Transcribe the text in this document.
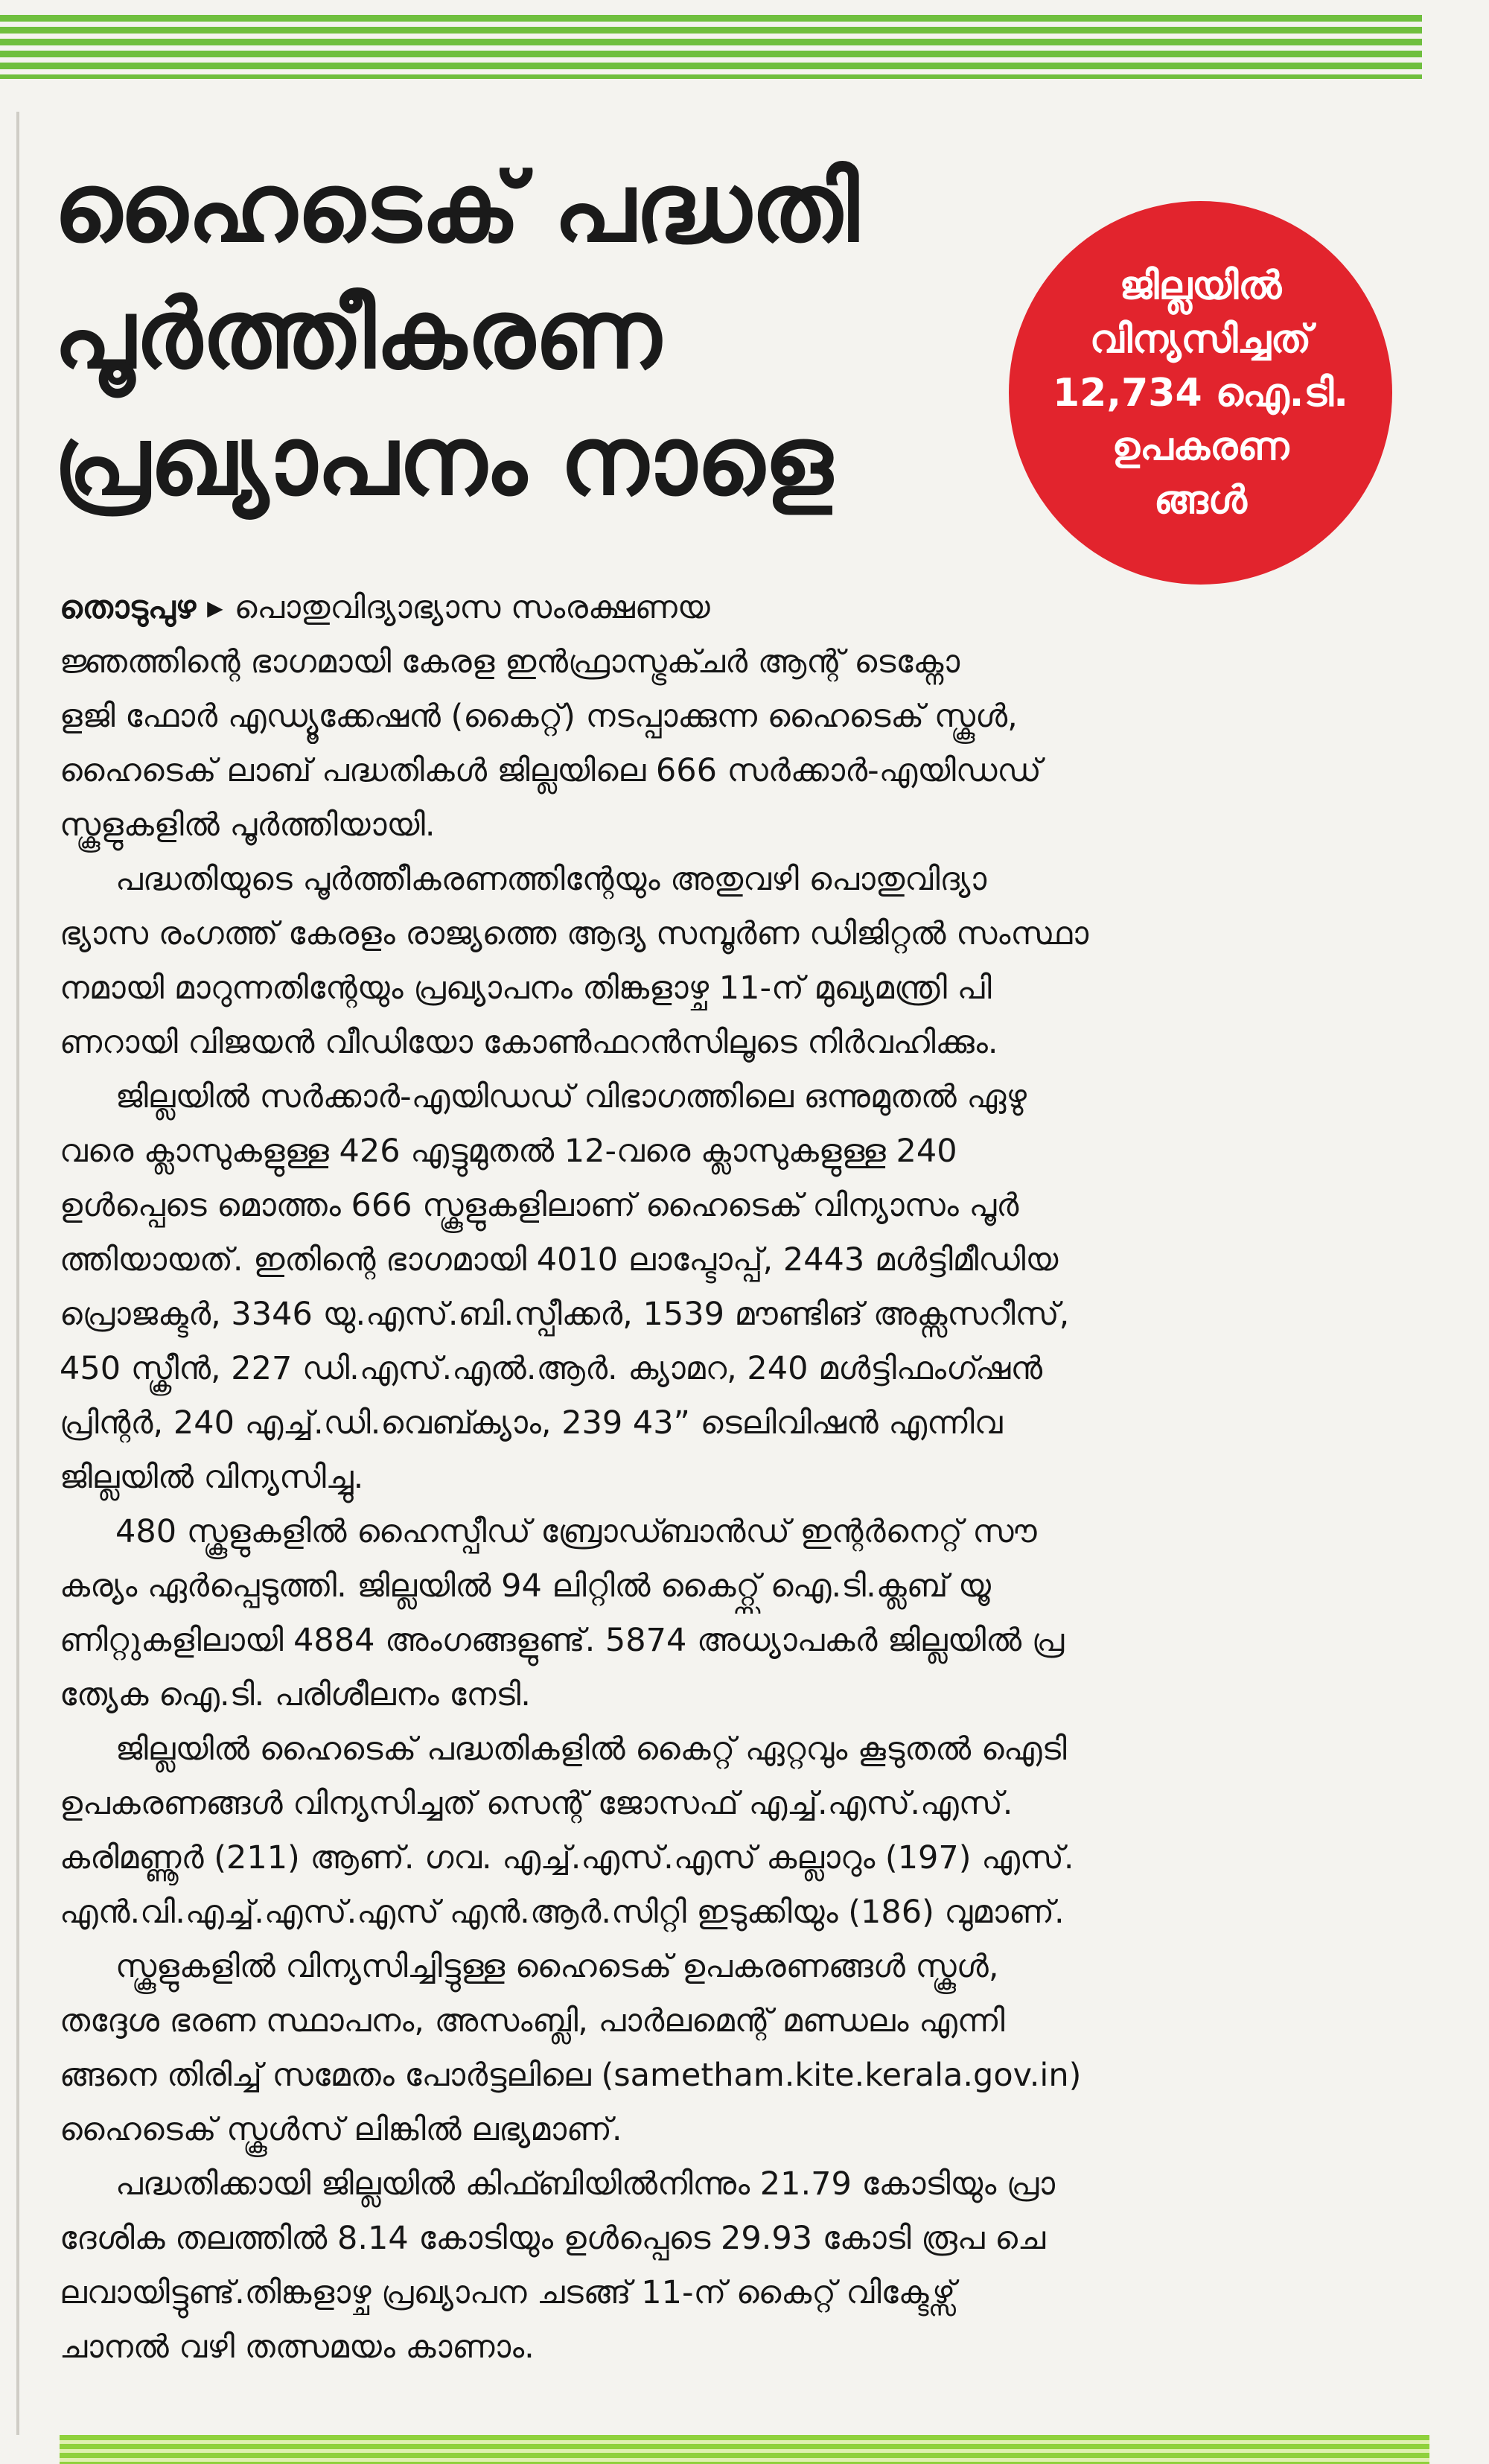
ഹൈടെക് പദ്ധതി
പൂർത്തീകരണ
പ്രഖ്യാപനം നാളെ
ജില്ലയിൽ
വിന്യസിച്ചത്
12,734 ഐ.ടി.
ഉപകരണ
ങ്ങൾ
തൊടുപുഴ ▸ പൊതുവിദ്യാഭ്യാസ സംരക്ഷണയ
ജ്ഞത്തിന്റെ ഭാഗമായി കേരള ഇൻഫ്രാസ്ട്രക്ചർ ആന്റ് ടെക്നോ
ളജി ഫോർ എഡ്യൂക്കേഷൻ (കൈറ്റ്) നടപ്പാക്കുന്ന ഹൈടെക് സ്കൂൾ,
ഹൈടെക് ലാബ് പദ്ധതികൾ ജില്ലയിലെ 666 സർക്കാർ-എയിഡഡ്
സ്കൂളുകളിൽ പൂർത്തിയായി.
പദ്ധതിയുടെ പൂർത്തീകരണത്തിന്റേയും അതുവഴി പൊതുവിദ്യാ
ഭ്യാസ രംഗത്ത് കേരളം രാജ്യത്തെ ആദ്യ സമ്പൂർണ ഡിജിറ്റൽ സംസ്ഥാ
നമായി മാറുന്നതിന്റേയും പ്രഖ്യാപനം തിങ്കളാഴ്ച 11-ന് മുഖ്യമന്ത്രി പി
ണറായി വിജയൻ വീഡിയോ കോൺഫറൻസിലൂടെ നിർവഹിക്കും.
ജില്ലയിൽ സർക്കാർ-എയിഡഡ് വിഭാഗത്തിലെ ഒന്നുമുതൽ ഏഴു
വരെ ക്ലാസുകളുള്ള 426 എട്ടുമുതൽ 12-വരെ ക്ലാസുകളുള്ള 240
ഉൾപ്പെടെ മൊത്തം 666 സ്കൂളുകളിലാണ് ഹൈടെക് വിന്യാസം പൂർ
ത്തിയായത്. ഇതിന്റെ ഭാഗമായി 4010 ലാപ്ടോപ്പ്, 2443 മൾട്ടിമീഡിയ
പ്രൊജക്ടർ, 3346 യു.എസ്.ബി.സ്പീക്കർ, 1539 മൗണ്ടിങ് അക്സസറീസ്,
450 സ്ക്രീൻ, 227 ഡി.എസ്.എൽ.ആർ. ക്യാമറ, 240 മൾട്ടിഫംഗ്ഷൻ
പ്രിന്റർ, 240 എച്ച്.ഡി.വെബ്ക്യാം, 239 43” ടെലിവിഷൻ എന്നിവ
ജില്ലയിൽ വിന്യസിച്ചു.
480 സ്കൂളുകളിൽ ഹൈസ്പീഡ് ബ്രോഡ്ബാൻഡ് ഇന്റർനെറ്റ് സൗ
കര്യം ഏർപ്പെടുത്തി. ജില്ലയിൽ 94 ലിറ്റിൽ കൈറ്റ്സ് ഐ.ടി.ക്ലബ് യൂ
ണിറ്റുകളിലായി 4884 അംഗങ്ങളുണ്ട്. 5874 അധ്യാപകർ ജില്ലയിൽ പ്ര
ത്യേക ഐ.ടി. പരിശീലനം നേടി.
ജില്ലയിൽ ഹൈടെക് പദ്ധതികളിൽ കൈറ്റ് ഏറ്റവും കൂടുതൽ ഐടി
ഉപകരണങ്ങൾ വിന്യസിച്ചത് സെന്റ് ജോസഫ് എച്ച്.എസ്.എസ്.
കരിമണ്ണൂർ (211) ആണ്. ഗവ. എച്ച്.എസ്.എസ് കല്ലാറും (197) എസ്.
എൻ.വി.എച്ച്.എസ്.എസ് എൻ.ആർ.സിറ്റി ഇടുക്കിയും (186) വുമാണ്.
സ്കൂളുകളിൽ വിന്യസിച്ചിട്ടുള്ള ഹൈടെക് ഉപകരണങ്ങൾ സ്കൂൾ,
തദ്ദേശ ഭരണ സ്ഥാപനം, അസംബ്ലി, പാർലമെന്റ് മണ്ഡലം എന്നി
ങ്ങനെ തിരിച്ച് സമേതം പോർട്ടലിലെ (sametham.kite.kerala.gov.in)
ഹൈടെക് സ്കൂൾസ് ലിങ്കിൽ ലഭ്യമാണ്.
പദ്ധതിക്കായി ജില്ലയിൽ കിഫ്ബിയിൽനിന്നും 21.79 കോടിയും പ്രാ
ദേശിക തലത്തിൽ 8.14 കോടിയും ഉൾപ്പെടെ 29.93 കോടി രൂപ ചെ
ലവായിട്ടുണ്ട്.തിങ്കളാഴ്ച പ്രഖ്യാപന ചടങ്ങ് 11-ന് കൈറ്റ് വിക്ടേഴ്സ്
ചാനൽ വഴി തത്സമയം കാണാം.
